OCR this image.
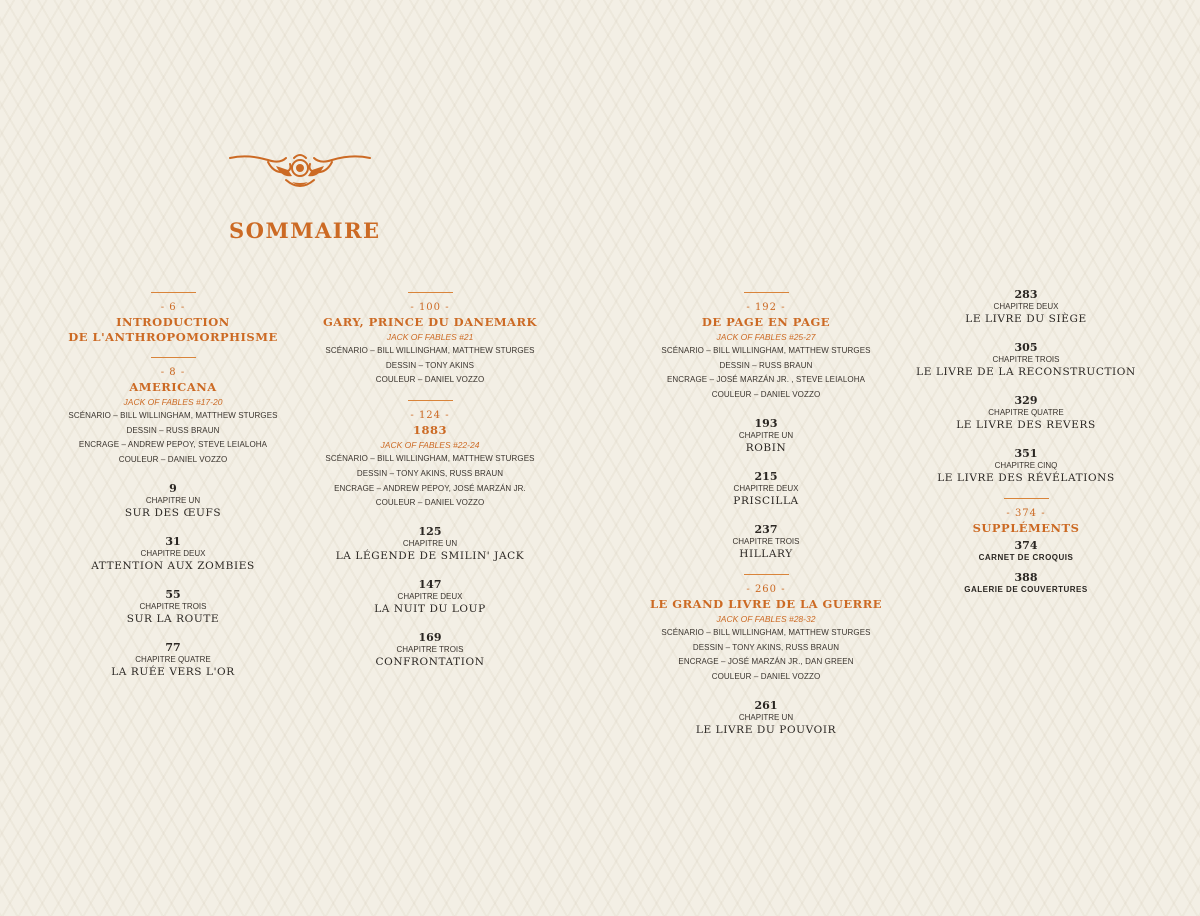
SOMMAIRE
- 6 -
INTRODUCTION
DE L'ANTHROPOMORPHISME
- 8 -
AMERICANA
JACK OF FABLES #17-20
SCÉNARIO – BILL WILLINGHAM, MATTHEW STURGES
DESSIN – RUSS BRAUN
ENCRAGE – ANDREW PEPOY, STEVE LEIALOHA
COULEUR – DANIEL VOZZO
9
CHAPITRE UN
SUR DES ŒUFS
31
CHAPITRE DEUX
ATTENTION AUX ZOMBIES
55
CHAPITRE TROIS
SUR LA ROUTE
77
CHAPITRE QUATRE
LA RUÉE VERS L'OR
- 100 -
GARY, PRINCE DU DANEMARK
JACK OF FABLES #21
SCÉNARIO – BILL WILLINGHAM, MATTHEW STURGES
DESSIN – TONY AKINS
COULEUR – DANIEL VOZZO
- 124 -
1883
JACK OF FABLES #22-24
SCÉNARIO – BILL WILLINGHAM, MATTHEW STURGES
DESSIN – TONY AKINS, RUSS BRAUN
ENCRAGE – ANDREW PEPOY, JOSÉ MARZÁN JR.
COULEUR – DANIEL VOZZO
125
CHAPITRE UN
LA LÉGENDE DE SMILIN' JACK
147
CHAPITRE DEUX
LA NUIT DU LOUP
169
CHAPITRE TROIS
CONFRONTATION
- 192 -
DE PAGE EN PAGE
JACK OF FABLES #25-27
SCÉNARIO – BILL WILLINGHAM, MATTHEW STURGES
DESSIN – RUSS BRAUN
ENCRAGE – JOSÉ MARZÁN JR. , STEVE LEIALOHA
COULEUR – DANIEL VOZZO
193
CHAPITRE UN
ROBIN
215
CHAPITRE DEUX
PRISCILLA
237
CHAPITRE TROIS
HILLARY
- 260 -
LE GRAND LIVRE DE LA GUERRE
JACK OF FABLES #28-32
SCÉNARIO – BILL WILLINGHAM, MATTHEW STURGES
DESSIN – TONY AKINS, RUSS BRAUN
ENCRAGE – JOSÉ MARZÁN JR., DAN GREEN
COULEUR – DANIEL VOZZO
261
CHAPITRE UN
LE LIVRE DU POUVOIR
283
CHAPITRE DEUX
LE LIVRE DU SIÈGE
305
CHAPITRE TROIS
LE LIVRE DE LA RECONSTRUCTION
329
CHAPITRE QUATRE
LE LIVRE DES REVERS
351
CHAPITRE CINQ
LE LIVRE DES RÉVÉLATIONS
- 374 -
SUPPLÉMENTS
374
CARNET DE CROQUIS
388
GALERIE DE COUVERTURES
